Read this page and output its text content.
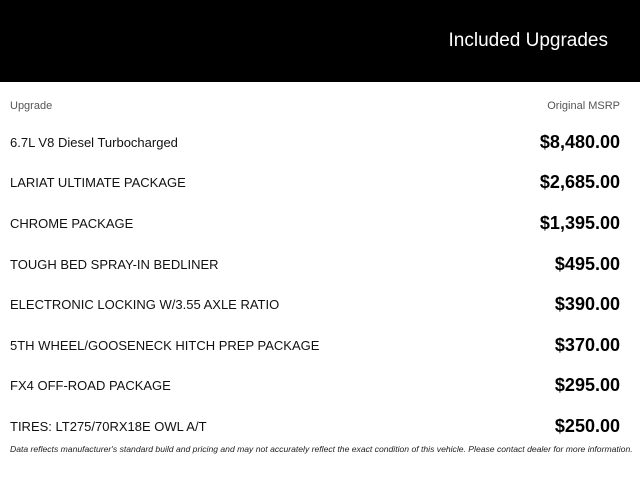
Included Upgrades
Upgrade	Original MSRP
6.7L V8 Diesel Turbocharged	$8,480.00
LARIAT ULTIMATE PACKAGE	$2,685.00
CHROME PACKAGE	$1,395.00
TOUGH BED SPRAY-IN BEDLINER	$495.00
ELECTRONIC LOCKING W/3.55 AXLE RATIO	$390.00
5TH WHEEL/GOOSENECK HITCH PREP PACKAGE	$370.00
FX4 OFF-ROAD PACKAGE	$295.00
TIRES: LT275/70RX18E OWL A/T	$250.00
Data reflects manufacturer's standard build and pricing and may not accurately reflect the exact condition of this vehicle. Please contact dealer for more information.
